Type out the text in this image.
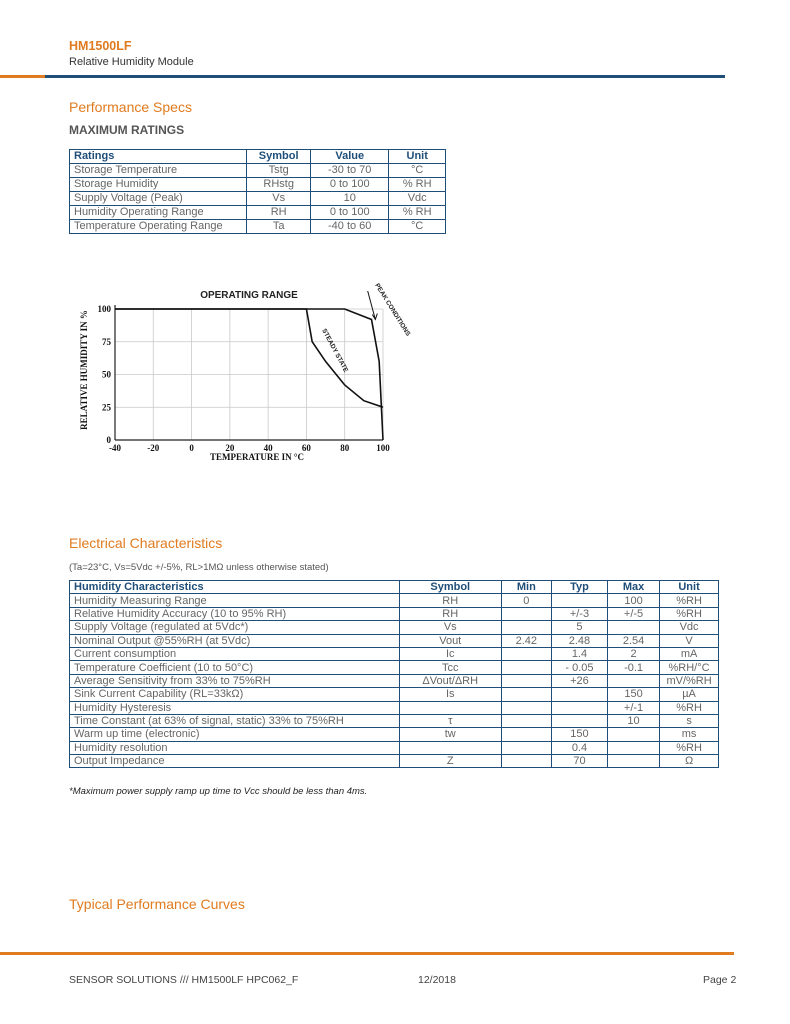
HM1500LF
Relative Humidity Module
Performance Specs
MAXIMUM RATINGS
Ratings	Symbol	Value	Unit
Storage Temperature	Tstg	-30 to 70	°C
Storage Humidity	RHstg	0 to 100	% RH
Supply Voltage (Peak)	Vs	10	Vdc
Humidity Operating Range	RH	0 to 100	% RH
Temperature Operating Range	Ta	-40 to 60	°C
-40	-20	0	20	40	60	80	100
0
25
50
75
100
OPERATING RANGE
TEMPERATURE IN °C
RELATIVE HUMIDITY IN %
PEAK CONDITIONS
STEADY STATE
Electrical Characteristics
(Ta=23°C, Vs=5Vdc +/-5%, RL>1MΩ unless otherwise stated)
Humidity Characteristics	Symbol	Min	Typ	Max	Unit
Humidity Measuring Range	RH	0		100	%RH
Relative Humidity Accuracy (10 to 95% RH)	RH		+/-3	+/-5	%RH
Supply Voltage (regulated at 5Vdc*)	Vs		5		Vdc
Nominal Output @55%RH (at 5Vdc)	Vout	2.42	2.48	2.54	V
Current consumption	Ic		1.4	2	mA
Temperature Coefficient (10 to 50°C)	Tcc		- 0.05	-0.1	%RH/°C
Average Sensitivity from 33% to 75%RH	ΔVout/ΔRH		+26		mV/%RH
Sink Current Capability (RL=33kΩ)	Is			150	µA
Humidity Hysteresis				+/-1	%RH
Time Constant (at 63% of signal, static) 33% to 75%RH	τ			10	s
Warm up time (electronic)	tw		150		ms
Humidity resolution			0.4		%RH
Output Impedance	Z		70		Ω
*Maximum power supply ramp up time to Vcc should be less than 4ms.
Typical Performance Curves
SENSOR SOLUTIONS /// HM1500LF HPC062_F	12/2018	Page 2
